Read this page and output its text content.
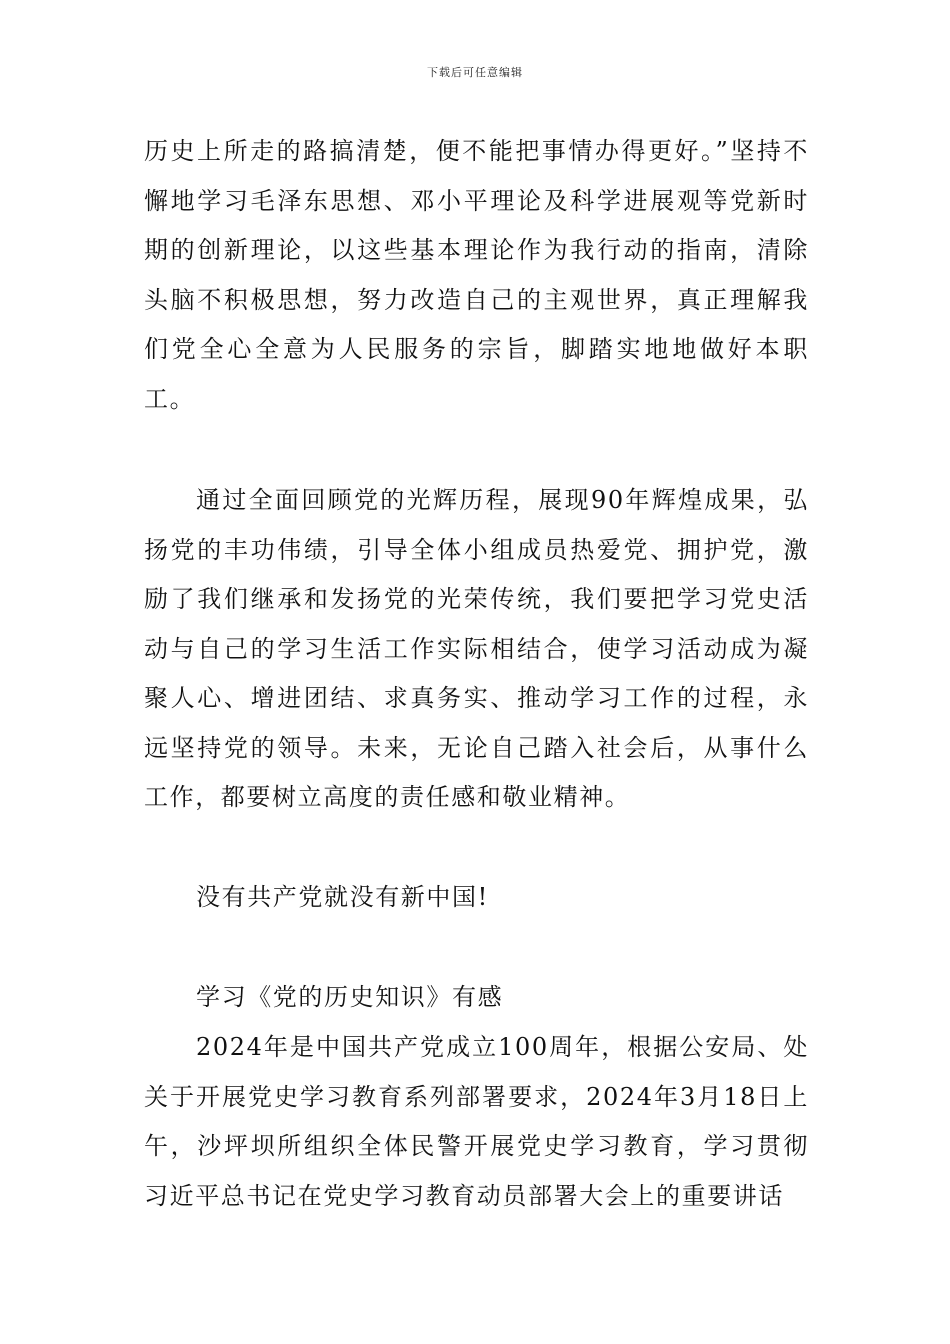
下载后可任意编辑

历史上所走的路搞清楚，便不能把事情办得更好。”坚持不懈地学习毛泽东思想、邓小平理论及科学进展观等党新时期的创新理论，以这些基本理论作为我行动的指南，清除头脑不积极思想，努力改造自己的主观世界，真正理解我们党全心全意为人民服务的宗旨，脚踏实地地做好本职工。

通过全面回顾党的光辉历程，展现90年辉煌成果，弘扬党的丰功伟绩，引导全体小组成员热爱党、拥护党，激励了我们继承和发扬党的光荣传统，我们要把学习党史活动与自己的学习生活工作实际相结合，使学习活动成为凝聚人心、增进团结、求真务实、推动学习工作的过程，永远坚持党的领导。未来，无论自己踏入社会后，从事什么工作，都要树立高度的责任感和敬业精神。

没有共产党就没有新中国!

学习《党的历史知识》有感

2024年是中国共产党成立100周年，根据公安局、处关于开展党史学习教育系列部署要求，2024年3月18日上午，沙坪坝所组织全体民警开展党史学习教育，学习贯彻习近平总书记在党史学习教育动员部署大会上的重要讲话
